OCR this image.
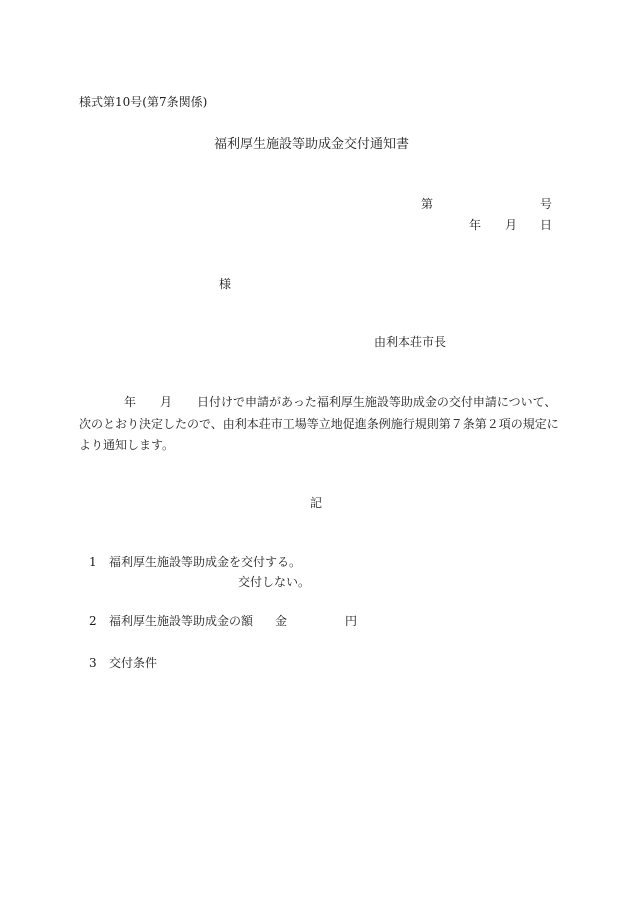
様式第10号(第7条関係)
福利厚生施設等助成金交付通知書
第	号
年 月 日
様
由利本荘市長
年 月 日付けで申請があった福利厚生施設等助成金の交付申請について、
次のとおり決定したので、由利本荘市工場等立地促進条例施行規則第７条第２項の規定に
より通知します。
記
1 福利厚生施設等助成金を交付する。
交付しない。
2 福利厚生施設等助成金の額 金	円
3 交付条件
